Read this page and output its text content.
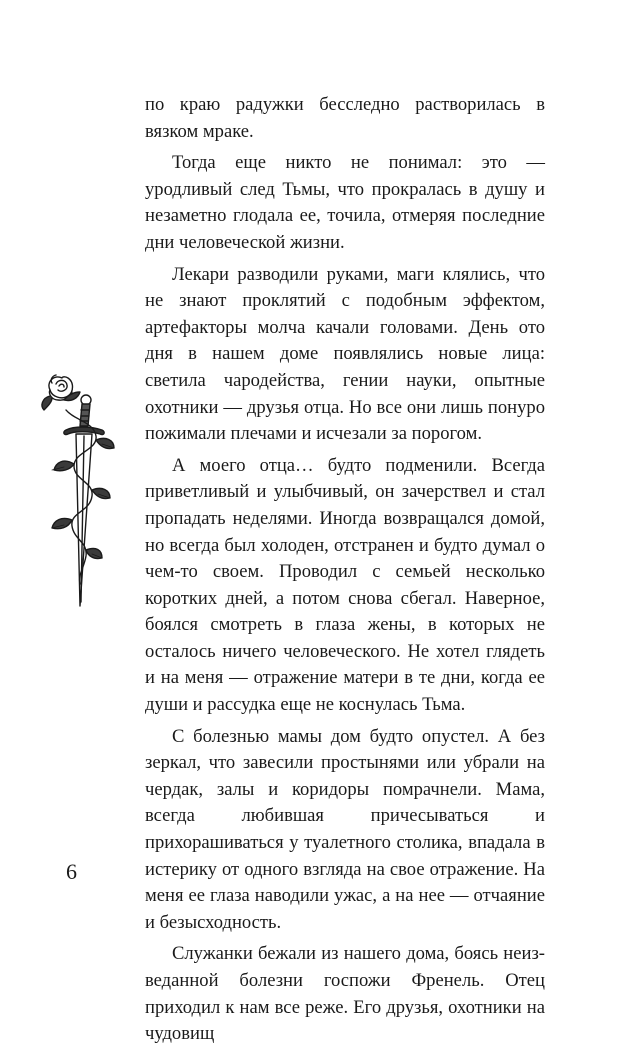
по краю радужки бесследно растворилась в вязком мраке.

Тогда еще никто не понимал: это — уродливый след Тьмы, что прокралась в душу и незаметно глодала ее, точила, отмеряя последние дни человеческой жизни.

Лекари разводили руками, маги клялись, что не знают проклятий с подобным эффектом, артефакторы молча качали головами. День ото дня в нашем доме появлялись новые лица: светила чародейства, гении науки, опытные охотники — друзья отца. Но все они лишь понуро пожимали плечами и исчезали за порогом.

А моего отца… будто подменили. Всегда приветливый и улыбчивый, он зачерствел и стал пропадать неделями. Иногда возвращался домой, но всегда был холоден, отстранен и будто думал о чем-то своем. Проводил с семьей несколько коротких дней, а потом снова сбегал. Наверное, боялся смотреть в глаза жены, в которых не осталось ничего человеческого. Не хотел глядеть и на меня — отражение матери в те дни, когда ее души и рассудка еще не коснулась Тьма.

С болезнью мамы дом будто опустел. А без зеркал, что завесили простынями или убрали на чердак, залы и коридоры помрачнели. Мама, всегда любившая причесываться и прихорашиваться у туалетного столика, впадала в истерику от одного взгляда на свое отражение. На меня ее глаза наводили ужас, а на нее — отчаяние и безысходность.

Служанки бежали из нашего дома, боясь неизведанной болезни госпожи Френель. Отец приходил к нам все реже. Его друзья, охотники на чудовищ

6
